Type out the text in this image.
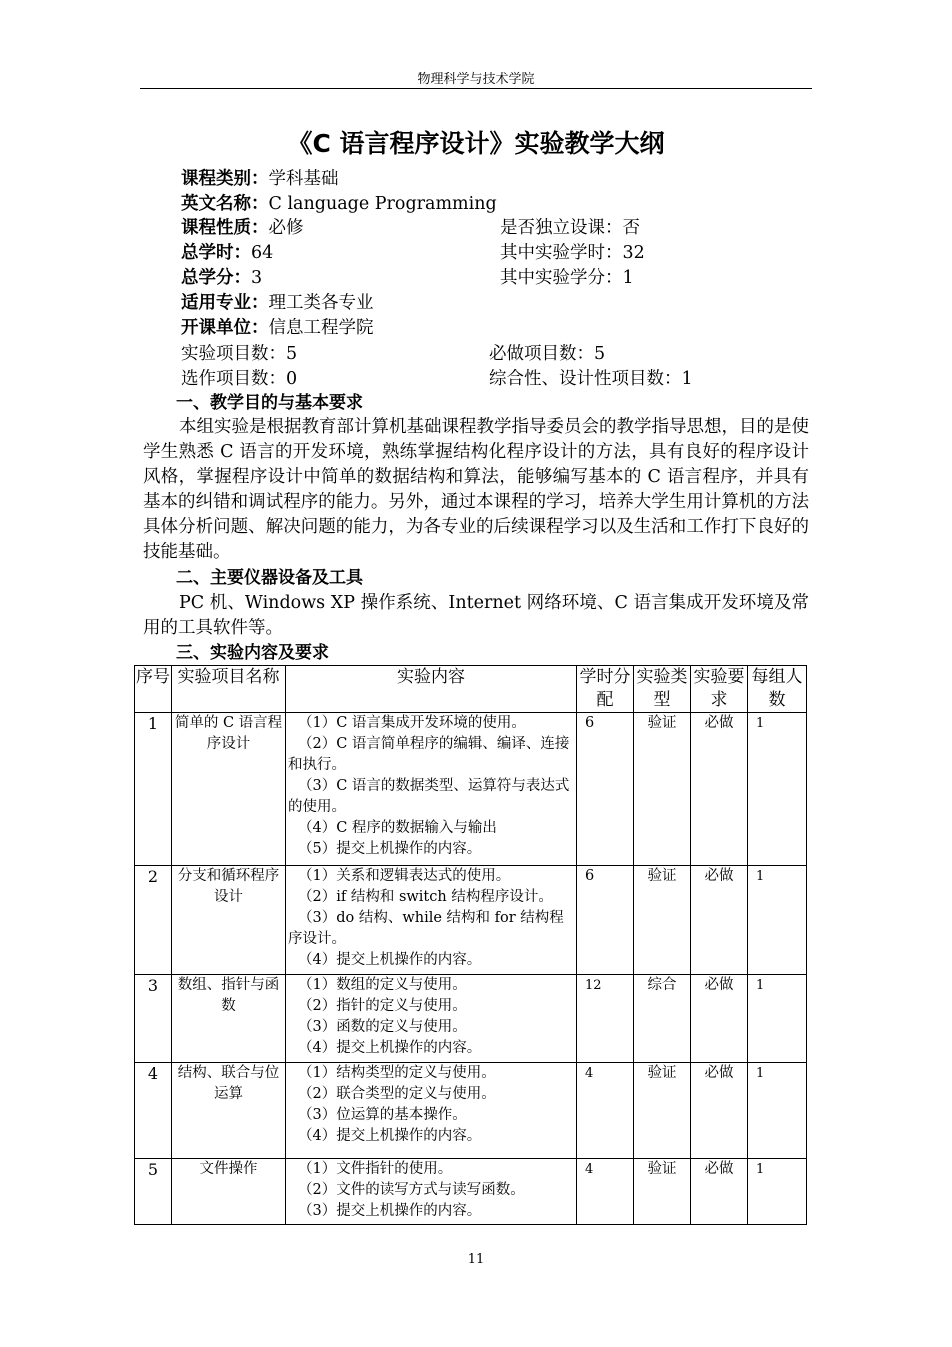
物理科学与技术学院
《C 语言程序设计》实验教学大纲
课程类别：学科基础
英文名称：C language Programming
课程性质：必修	是否独立设课：否
总学时：64	其中实验学时：32
总学分：3	其中实验学分：1
适用专业：理工类各专业
开课单位：信息工程学院
实验项目数：5	必做项目数：5
选作项目数：0	综合性、设计性项目数：1
一、教学目的与基本要求
本组实验是根据教育部计算机基础课程教学指导委员会的教学指导思想，目的是使学生熟悉 C 语言的开发环境，熟练掌握结构化程序设计的方法，具有良好的程序设计风格，掌握程序设计中简单的数据结构和算法，能够编写基本的 C 语言程序，并具有基本的纠错和调试程序的能力。另外，通过本课程的学习，培养大学生用计算机的方法具体分析问题、解决问题的能力，为各专业的后续课程学习以及生活和工作打下良好的技能基础。
二、主要仪器设备及工具
PC 机、Windows XP 操作系统、Internet 网络环境、C 语言集成开发环境及常用的工具软件等。
三、实验内容及要求
序号	实验项目名称	实验内容	学时分配	实验类型	实验要求	每组人数
1	简单的 C 语言程序设计	（1）C 语言集成开发环境的使用。
（2）C 语言简单程序的编辑、编译、连接和执行。
（3）C 语言的数据类型、运算符与表达式的使用。
（4）C 程序的数据输入与输出
（5）提交上机操作的内容。	6	验证	必做	1
2	分支和循环程序设计	（1）关系和逻辑表达式的使用。
（2）if 结构和 switch 结构程序设计。
（3）do 结构、while 结构和 for 结构程序设计。
（4）提交上机操作的内容。	6	验证	必做	1
3	数组、指针与函数	（1）数组的定义与使用。
（2）指针的定义与使用。
（3）函数的定义与使用。
（4）提交上机操作的内容。	12	综合	必做	1
4	结构、联合与位运算	（1）结构类型的定义与使用。
（2）联合类型的定义与使用。
（3）位运算的基本操作。
（4）提交上机操作的内容。	4	验证	必做	1
5	文件操作	（1）文件指针的使用。
（2）文件的读写方式与读写函数。
（3）提交上机操作的内容。	4	验证	必做	1
11
